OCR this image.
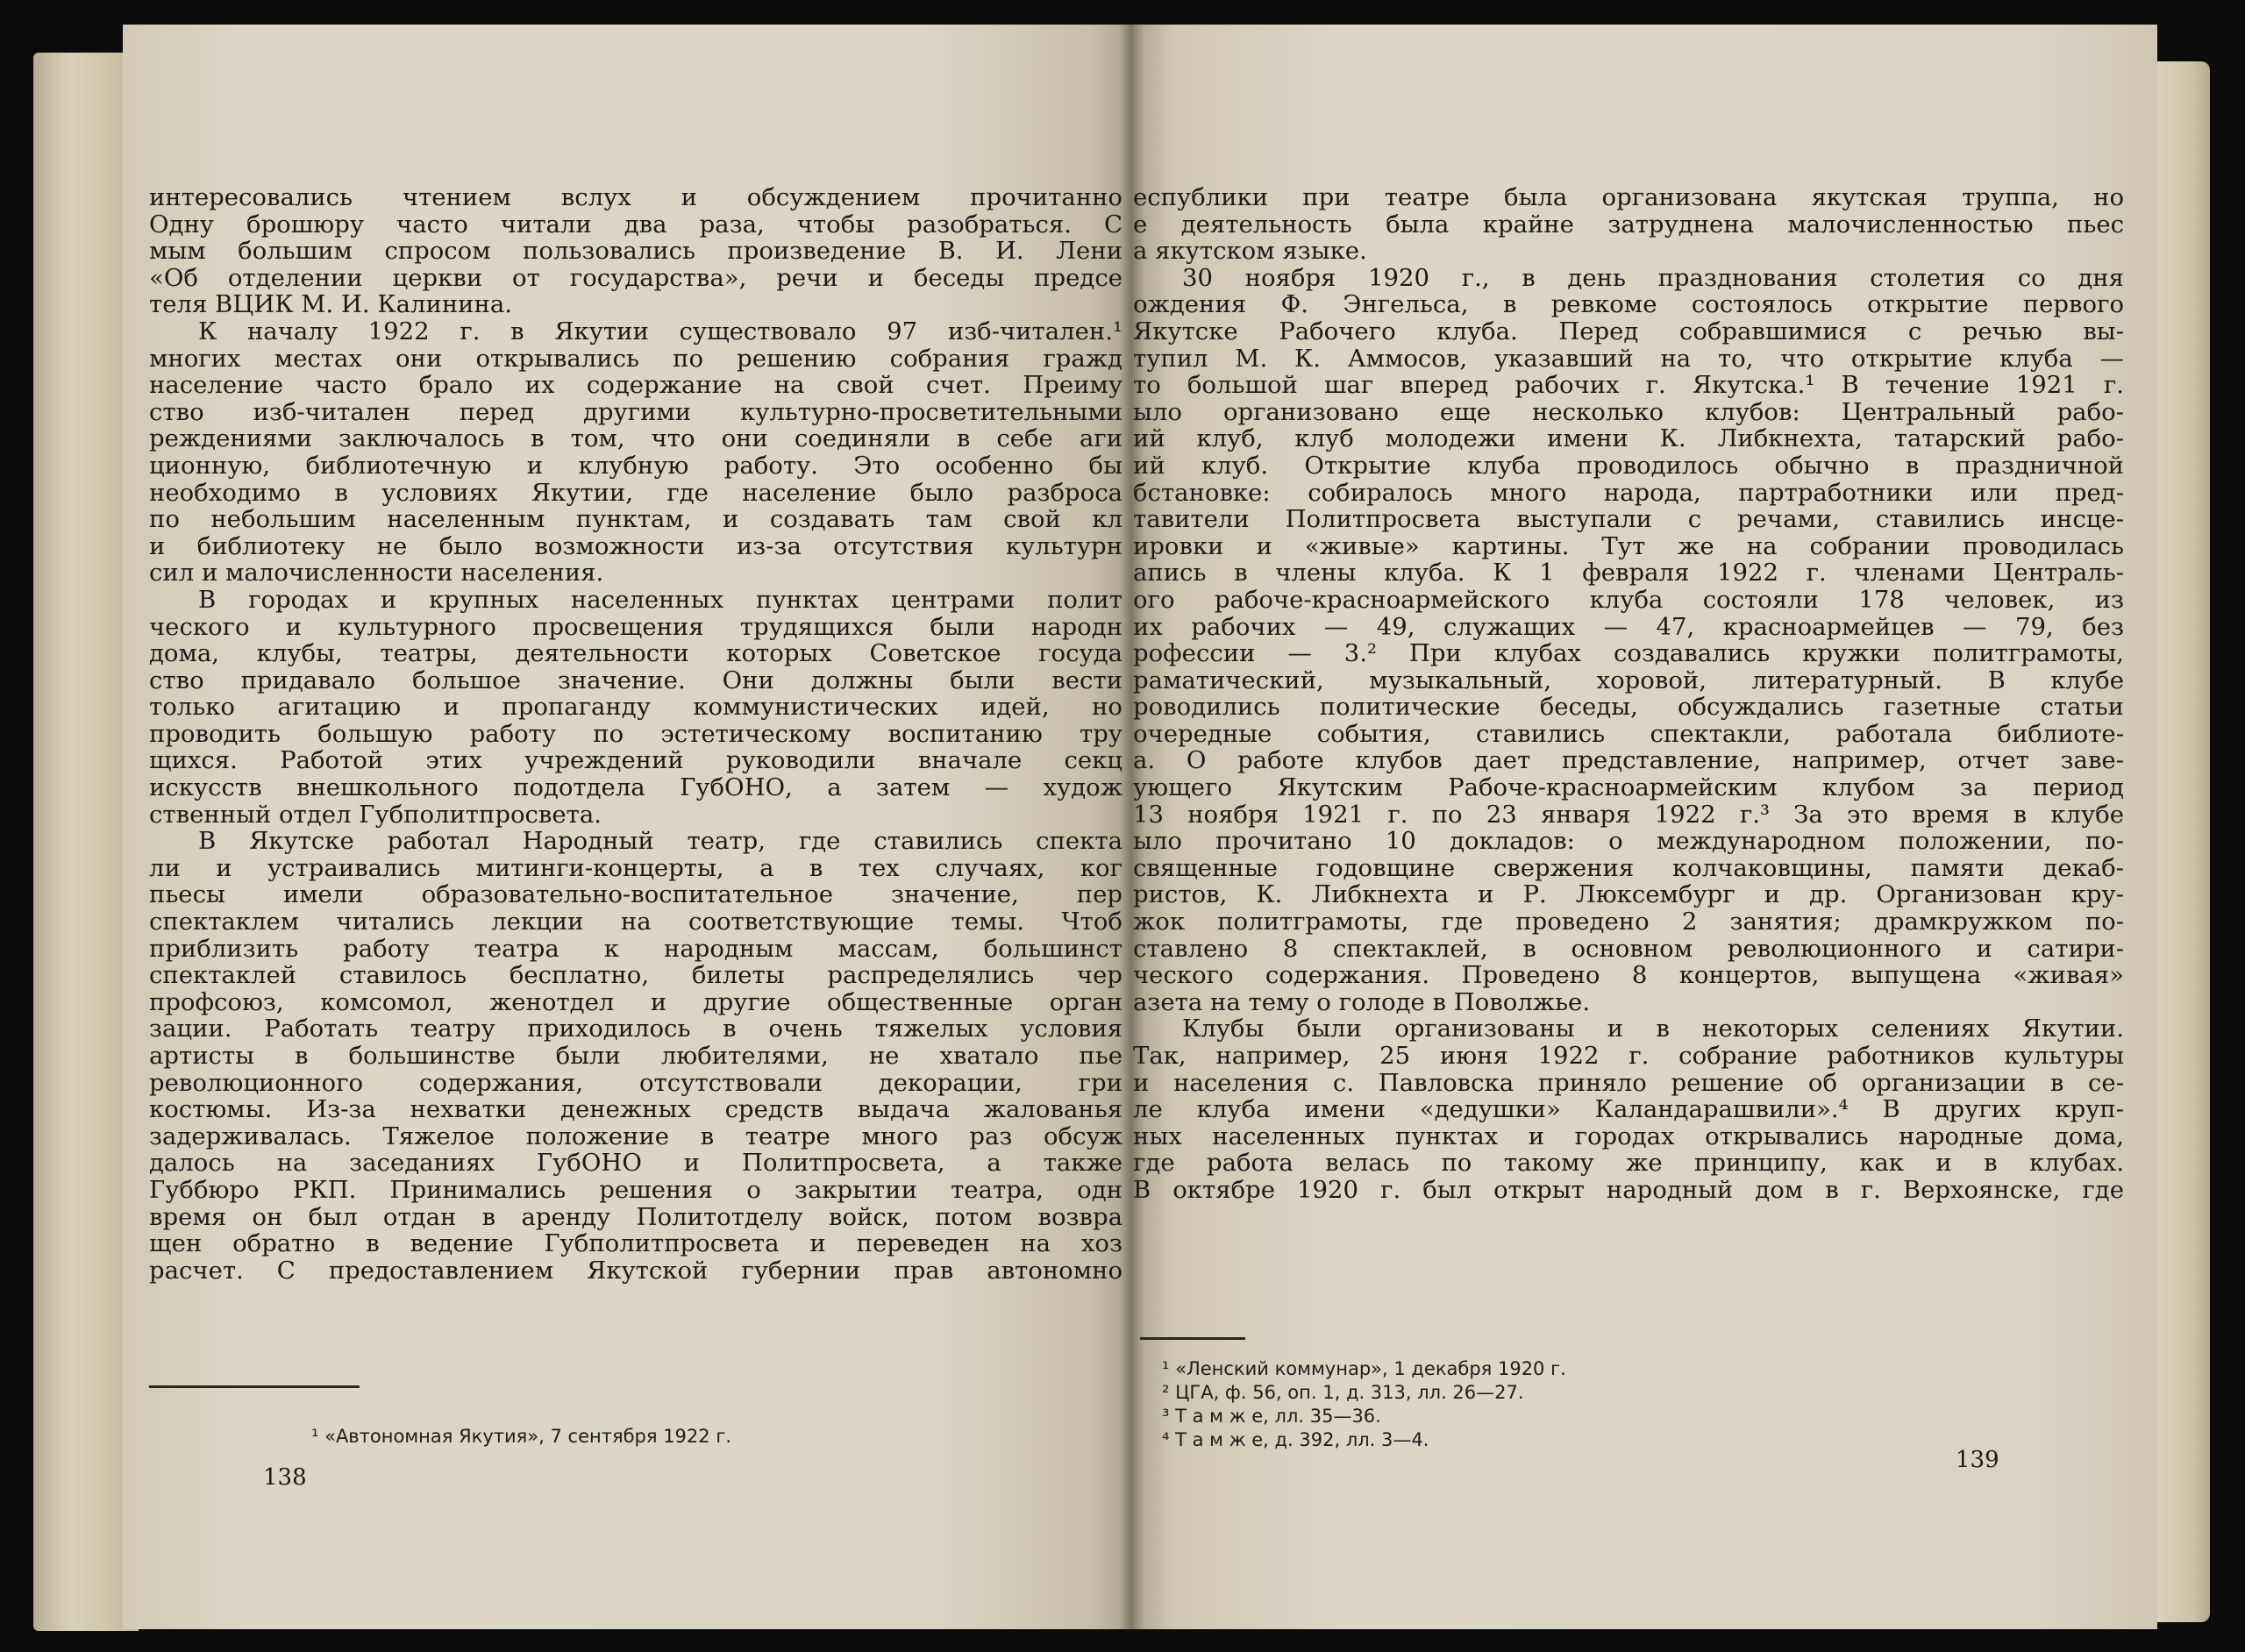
интересовались чтением вслух и обсуждением прочитанно
Одну брошюру часто читали два раза, чтобы разобраться. С
мым большим спросом пользовались произведение В. И. Лени
«Об отделении церкви от государства», речи и беседы предсе
теля ВЦИК М. И. Калинина.
К началу 1922 г. в Якутии существовало 97 изб-читален.¹
многих местах они открывались по решению собрания гражд
население часто брало их содержание на свой счет. Преиму
ство изб-читален перед другими культурно-просветительными
реждениями заключалось в том, что они соединяли в себе аги
ционную, библиотечную и клубную работу. Это особенно бы
необходимо в условиях Якутии, где население было разброса
по небольшим населенным пунктам, и создавать там свой кл
и библиотеку не было возможности из-за отсутствия культурн
сил и малочисленности населения.
В городах и крупных населенных пунктах центрами полит
ческого и культурного просвещения трудящихся были народн
дома, клубы, театры, деятельности которых Советское госуда
ство придавало большое значение. Они должны были вести
только агитацию и пропаганду коммунистических идей, но
проводить большую работу по эстетическому воспитанию тру
щихся. Работой этих учреждений руководили вначале секц
искусств внешкольного подотдела ГубОНО, а затем — худож
ственный отдел Губполитпросвета.
В Якутске работал Народный театр, где ставились спекта
ли и устраивались митинги-концерты, а в тех случаях, ког
пьесы имели образовательно-воспитательное значение, пер
спектаклем читались лекции на соответствующие темы. Чтоб
приблизить работу театра к народным массам, большинст
спектаклей ставилось бесплатно, билеты распределялись чер
профсоюз, комсомол, женотдел и другие общественные орган
зации. Работать театру приходилось в очень тяжелых условия
артисты в большинстве были любителями, не хватало пье
революционного содержания, отсутствовали декорации, гри
костюмы. Из-за нехватки денежных средств выдача жалованья
задерживалась. Тяжелое положение в театре много раз обсуж
далось на заседаниях ГубОНО и Политпросвета, а также
Губбюро РКП. Принимались решения о закрытии театра, одн
время он был отдан в аренду Политотделу войск, потом возвра
щен обратно в ведение Губполитпросвета и переведен на хоз
расчет. С предоставлением Якутской губернии прав автономно
еспублики при театре была организована якутская труппа, но
е деятельность была крайне затруднена малочисленностью пьес
а якутском языке.
30 ноября 1920 г., в день празднования столетия со дня
ождения Ф. Энгельса, в ревкоме состоялось открытие первого
Якутске Рабочего клуба. Перед собравшимися с речью вы-
тупил М. К. Аммосов, указавший на то, что открытие клуба —
то большой шаг вперед рабочих г. Якутска.¹ В течение 1921 г.
ыло организовано еще несколько клубов: Центральный рабо-
ий клуб, клуб молодежи имени К. Либкнехта, татарский рабо-
ий клуб. Открытие клуба проводилось обычно в праздничной
бстановке: собиралось много народа, партработники или пред-
тавители Политпросвета выступали с речами, ставились инсце-
ировки и «живые» картины. Тут же на собрании проводилась
апись в члены клуба. К 1 февраля 1922 г. членами Централь-
ого рабоче-красноармейского клуба состояли 178 человек, из
их рабочих — 49, служащих — 47, красноармейцев — 79, без
рофессии — 3.² При клубах создавались кружки политграмоты,
раматический, музыкальный, хоровой, литературный. В клубе
роводились политические беседы, обсуждались газетные статьи
очередные события, ставились спектакли, работала библиоте-
а. О работе клубов дает представление, например, отчет заве-
ующего Якутским Рабоче-красноармейским клубом за период
13 ноября 1921 г. по 23 января 1922 г.³ За это время в клубе
ыло прочитано 10 докладов: о международном положении, по-
священные годовщине свержения колчаковщины, памяти декаб-
ристов, К. Либкнехта и Р. Люксембург и др. Организован кру-
жок политграмоты, где проведено 2 занятия; драмкружком по-
ставлено 8 спектаклей, в основном революционного и сатири-
ческого содержания. Проведено 8 концертов, выпущена «живая»
азета на тему о голоде в Поволжье.
Клубы были организованы и в некоторых селениях Якутии.
Так, например, 25 июня 1922 г. собрание работников культуры
и населения с. Павловска приняло решение об организации в се-
ле клуба имени «дедушки» Каландарашвили».⁴ В других круп-
ных населенных пунктах и городах открывались народные дома,
где работа велась по такому же принципу, как и в клубах.
В октябре 1920 г. был открыт народный дом в г. Верхоянске, где
¹ «Автономная Якутия», 7 сентября 1922 г.
¹ «Ленский коммунар», 1 декабря 1920 г.
² ЦГА, ф. 56, оп. 1, д. 313, лл. 26—27.
³ Т а м ж е, лл. 35—36.
⁴ Т а м ж е, д. 392, лл. 3—4.
138
139
